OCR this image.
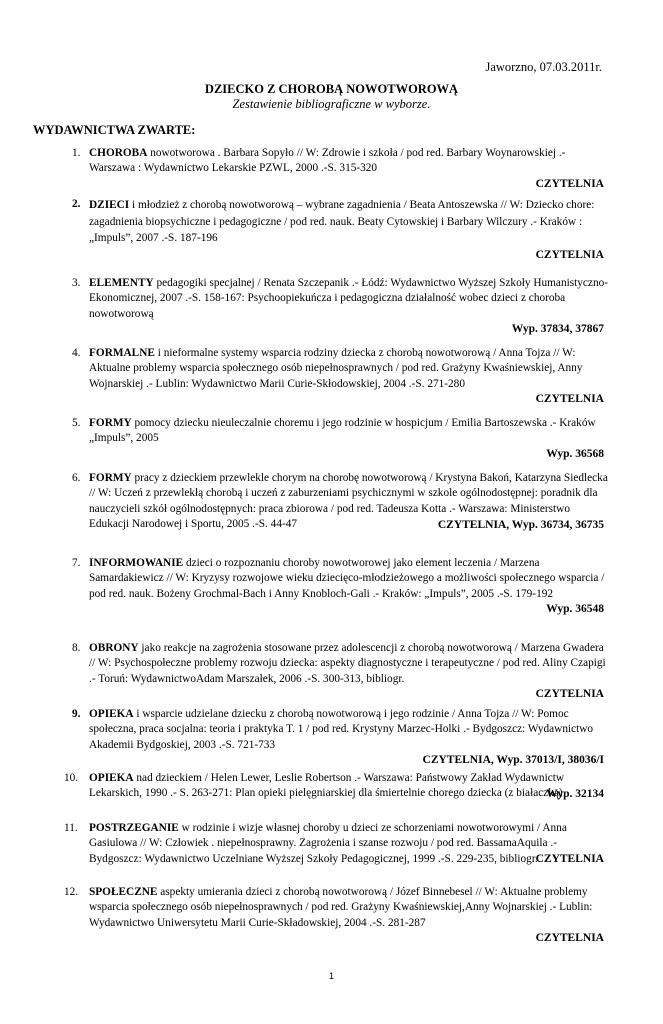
Jaworzno, 07.03.2011r.
DZIECKO Z CHOROBĄ NOWOTWOROWĄ
Zestawienie bibliograficzne w wyborze.
WYDAWNICTWA ZWARTE:
1. CHOROBA nowotworowa . Barbara Sopyło // W: Zdrowie i szkoła / pod red. Barbary Woynarowskiej .- Warszawa : Wydawnictwo Lekarskie PZWL, 2000 .-S. 315-320
CZYTELNIA
2. DZIECI i młodzież z chorobą nowotworową – wybrane zagadnienia / Beata Antoszewska // W: Dziecko chore: zagadnienia biopsychiczne i pedagogiczne / pod red. nauk. Beaty Cytowskiej i Barbary Wilczury .- Kraków : „Impuls”, 2007 .-S. 187-196
CZYTELNIA
3. ELEMENTY pedagogiki specjalnej / Renata Szczepanik .- Łódź: Wydawnictwo Wyższej Szkoły Humanistyczno-Ekonomicznej, 2007 .-S. 158-167: Psychoopiekuńcza i pedagogiczna działalność wobec dzieci z choroba nowotworową
Wyp. 37834, 37867
4. FORMALNE i nieformalne systemy wsparcia rodziny dziecka z chorobą nowotworową / Anna Tojza // W: Aktualne problemy wsparcia społecznego osób niepełnosprawnych / pod red. Grażyny Kwaśniewskiej, Anny Wojnarskiej .- Lublin: Wydawnictwo Marii Curie-Skłodowskiej, 2004 .-S. 271-280
CZYTELNIA
5. FORMY pomocy dziecku nieuleczalnie choremu i jego rodzinie w hospicjum / Emilia Bartoszewska .- Kraków „Impuls”, 2005
Wyp. 36568
6. FORMY pracy z dzieckiem przewlekle chorym na chorobę nowotworową / Krystyna Bakoń, Katarzyna Siedlecka // W: Uczeń z przewlekłą chorobą i uczeń z zaburzeniami psychicznymi w szkole ogólnodostępnej: poradnik dla nauczycieli szkół ogólnodostępnych: praca zbiorowa / pod red. Tadeusza Kotta .- Warszawa: Ministerstwo Edukacji Narodowej i Sportu, 2005 .-S. 44-47	CZYTELNIA, Wyp. 36734, 36735
7. INFORMOWANIE dzieci o rozpoznaniu choroby nowotworowej jako element leczenia / Marzena Samardakiewicz // W: Kryzysy rozwojowe wieku dziecięco-młodzieżowego a możliwości społecznego wsparcia / pod red. nauk. Bożeny Grochmal-Bach i Anny Knobloch-Gali .- Kraków: „Impuls”, 2005 .-S. 179-192
Wyp. 36548
8. OBRONY jako reakcje na zagrożenia stosowane przez adolescencji z chorobą nowotworową / Marzena Gwadera // W: Psychospołeczne problemy rozwoju dziecka: aspekty diagnostyczne i terapeutyczne / pod red. Aliny Czapigi .- Toruń: WydawnictwoAdam Marszałek, 2006 .-S. 300-313, bibliogr.
CZYTELNIA
9. OPIEKA i wsparcie udzielane dziecku z chorobą nowotworową i jego rodzinie / Anna Tojza // W: Pomoc społeczna, praca socjalna: teoria i praktyka T. 1 / pod red. Krystyny Marzec-Holki .- Bydgoszcz: Wydawnictwo Akademii Bydgoskiej, 2003 .-S. 721-733
CZYTELNIA, Wyp. 37013/I, 38036/I
10. OPIEKA nad dzieckiem / Helen Lewer, Leslie Robertson .- Warszawa: Państwowy Zakład Wydawnictw Lekarskich, 1990 .- S. 263-271: Plan opieki pielęgniarskiej dla śmiertelnie chorego dziecka (z białaczką)
Wyp. 32134
11. POSTRZEGANIE w rodzinie i wizje własnej choroby u dzieci ze schorzeniami nowotworowymi / Anna Gasiulowa // W: Człowiek . niepełnosprawny. Zagrożenia i szanse rozwoju / pod red. BassamaAquila .- Bydgoszcz: Wydawnictwo Uczelniane Wyższej Szkoły Pedagogicznej, 1999 .-S. 229-235, bibliogr.
CZYTELNIA
12. SPOŁECZNE aspekty umierania dzieci z chorobą nowotworową / Józef Binnebesel // W: Aktualne problemy wsparcia społecznego osób niepełnosprawnych / pod red. Grażyny Kwaśniewskiej,Anny Wojnarskiej .- Lublin: Wydawnictwo Uniwersytetu Marii Curie-Składowskiej, 2004 .-S. 281-287
CZYTELNIA
1
